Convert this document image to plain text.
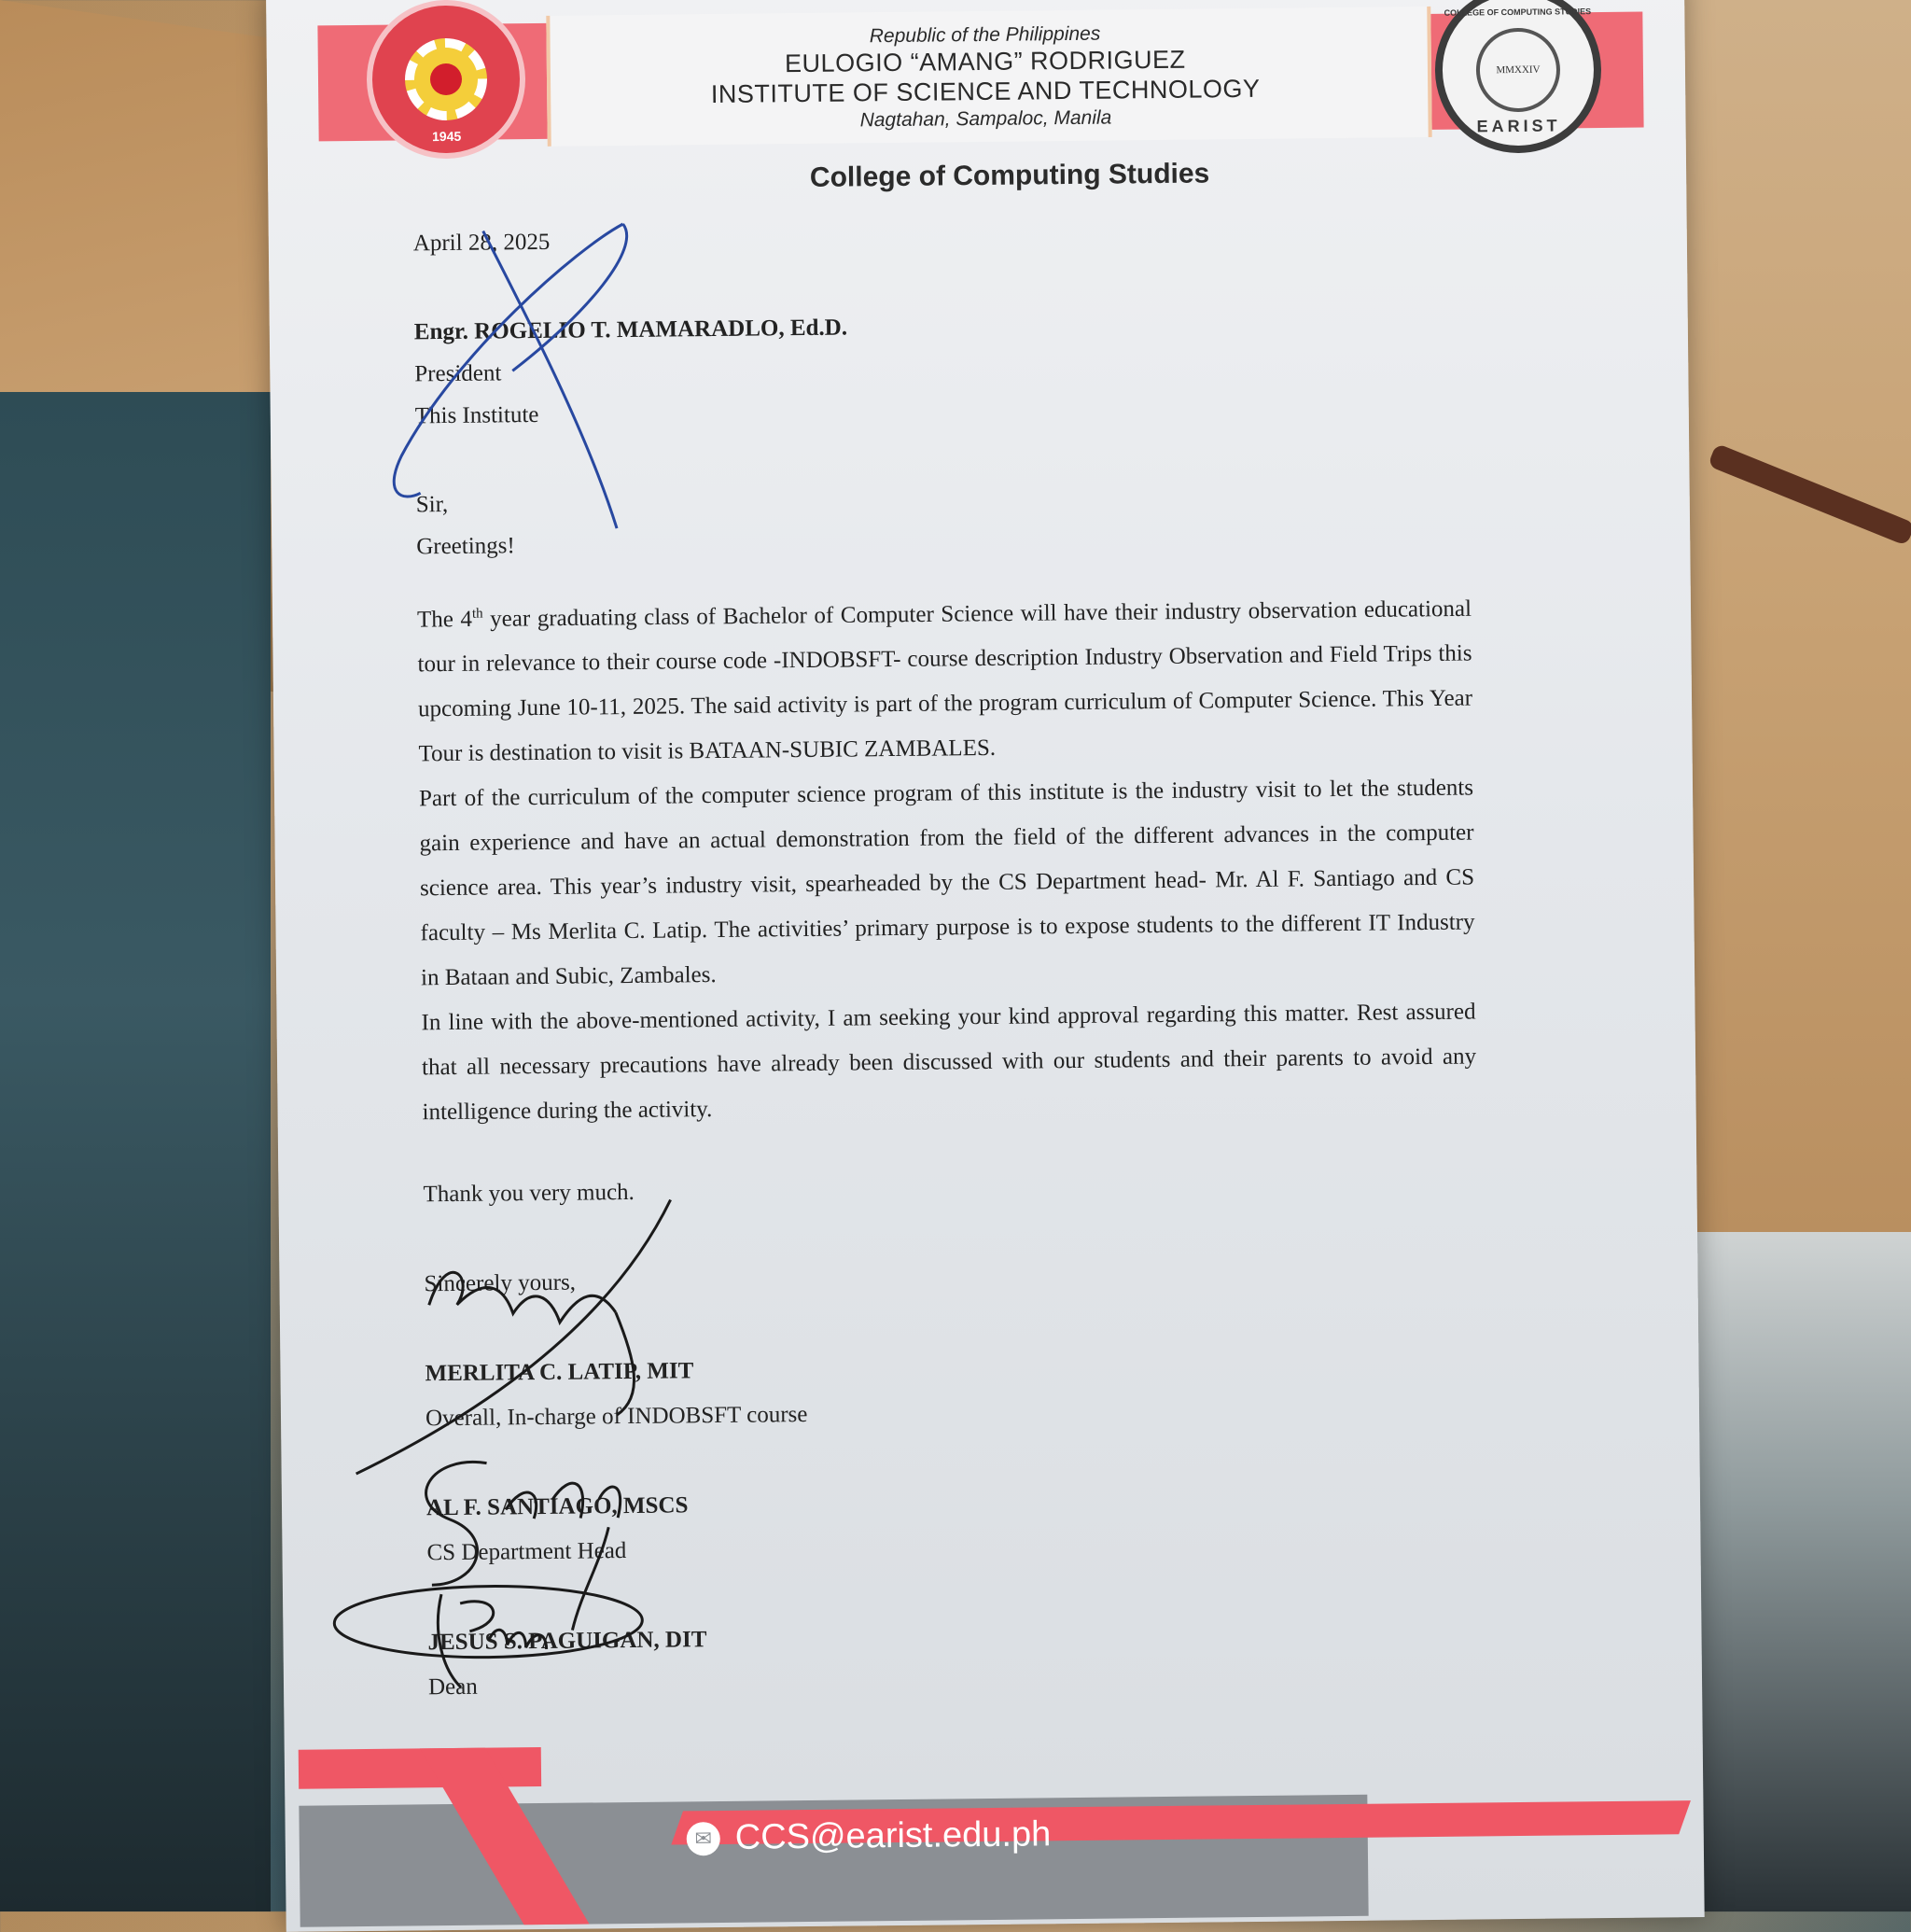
1945
Republic of the Philippines
EULOGIO “AMANG” RODRIGUEZ
INSTITUTE OF SCIENCE AND TECHNOLOGY
Nagtahan, Sampaloc, Manila
COLLEGE OF COMPUTING STUDIES
MMXXIV
EARIST
College of Computing Studies

April 28, 2025

Engr. ROGELIO T. MAMARADLO, Ed.D.

President

This Institute

Sir,

Greetings!

The 4th year graduating class of Bachelor of Computer Science will have their industry observation educational tour in relevance to their course code -INDOBSFT- course description Industry Observation and Field Trips this upcoming June 10-11, 2025. The said activity is part of the program curriculum of Computer Science. This Year Tour is destination to visit is BATAAN-SUBIC ZAMBALES.

Part of the curriculum of the computer science program of this institute is the industry visit to let the students gain experience and have an actual demonstration from the field of the different advances in the computer science area. This year’s industry visit, spearheaded by the CS Department head- Mr. Al F. Santiago and CS faculty – Ms Merlita C. Latip. The activities’ primary purpose is to expose students to the different IT Industry in Bataan and Subic, Zambales.

In line with the above-mentioned activity, I am seeking your kind approval regarding this matter. Rest assured that all necessary precautions have already been discussed with our students and their parents to avoid any intelligence during the activity.

Thank you very much.

Sincerely yours,

MERLITA C. LATIP, MIT

Overall, In-charge of INDOBSFT course

AL F. SANTIAGO, MSCS

CS Department Head

JESUS S. PAGUIGAN, DIT

Dean

✉ CCS@earist.edu.ph
